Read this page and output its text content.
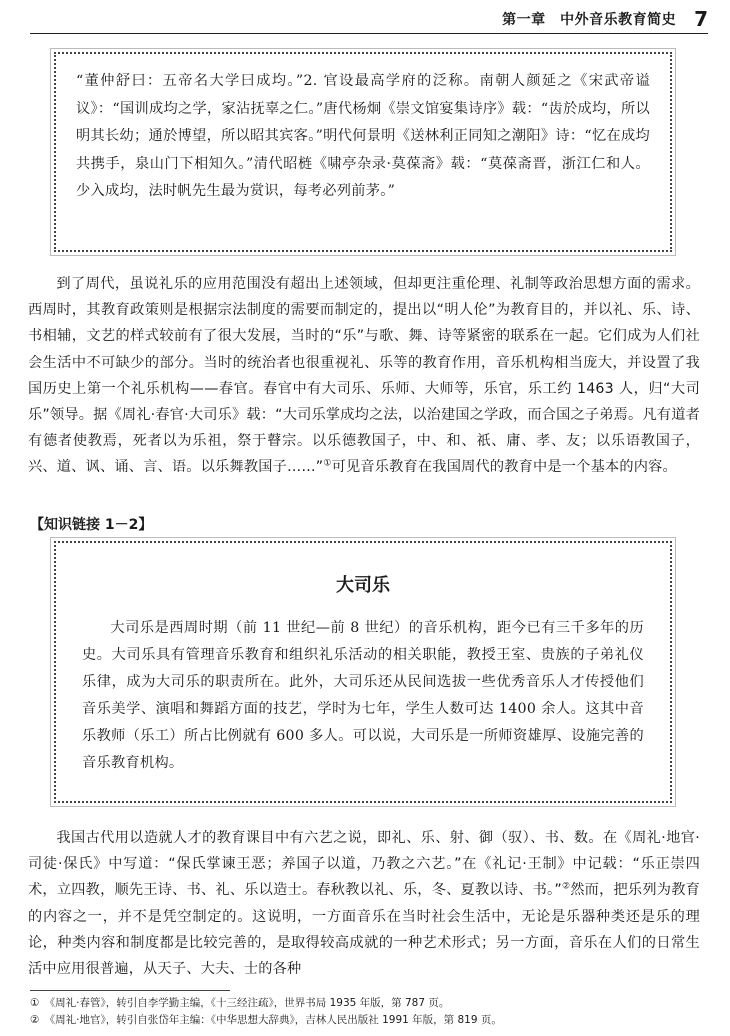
第一章　中外音乐教育简史 7

“董仲舒曰：五帝名大学曰成均。”2. 官设最高学府的泛称。南朝人颜延之《宋武帝谥议》：“国训成均之学，家沾抚辜之仁。”唐代杨炯《崇文馆宴集诗序》载：“齿於成均，所以明其长幼；通於博望，所以昭其宾客。”明代何景明《送林利正同知之潮阳》诗：“忆在成均共携手，泉山门下相知久。”清代昭梿《啸亭杂录·莫葆斋》载：“莫葆斋晋，浙江仁和人。少入成均，法时帆先生最为赏识，每考必列前茅。”

到了周代，虽说礼乐的应用范围没有超出上述领域，但却更注重伦理、礼制等政治思想方面的需求。西周时，其教育政策则是根据宗法制度的需要而制定的，提出以“明人伦”为教育目的，并以礼、乐、诗、书相辅，文艺的样式较前有了很大发展，当时的“乐”与歌、舞、诗等紧密的联系在一起。它们成为人们社会生活中不可缺少的部分。当时的统治者也很重视礼、乐等的教育作用，音乐机构相当庞大，并设置了我国历史上第一个礼乐机构——春官。春官中有大司乐、乐师、大师等，乐官，乐工约 1463 人，归“大司乐”领导。据《周礼·春官·大司乐》载：“大司乐掌成均之法，以治建国之学政，而合国之子弟焉。凡有道者有德者使教焉，死者以为乐祖，祭于瞽宗。以乐德教国子，中、和、祇、庸、孝、友；以乐语教国子，兴、道、讽、诵、言、语。以乐舞教国子……”①可见音乐教育在我国周代的教育中是一个基本的内容。

【知识链接 1－2】
大司乐

大司乐是西周时期（前 11 世纪—前 8 世纪）的音乐机构，距今已有三千多年的历史。大司乐具有管理音乐教育和组织礼乐活动的相关职能，教授王室、贵族的子弟礼仪乐律，成为大司乐的职责所在。此外，大司乐还从民间选拔一些优秀音乐人才传授他们音乐美学、演唱和舞蹈方面的技艺，学时为七年，学生人数可达 1400 余人。这其中音乐教师（乐工）所占比例就有 600 多人。可以说，大司乐是一所师资雄厚、设施完善的音乐教育机构。

我国古代用以造就人才的教育课目中有六艺之说，即礼、乐、射、御（驭）、书、数。在《周礼·地官·司徒·保氏》中写道：“保氏掌谏王恶；养国子以道，乃教之六艺。”在《礼记·王制》中记载：“乐正崇四术，立四教，顺先王诗、书、礼、乐以造士。春秋教以礼、乐，冬、夏教以诗、书。”②然而，把乐列为教育的内容之一，并不是凭空制定的。这说明，一方面音乐在当时社会生活中，无论是乐器种类还是乐的理论，种类内容和制度都是比较完善的，是取得较高成就的一种艺术形式；另一方面，音乐在人们的日常生活中应用很普遍，从天子、大夫、士的各种

①　《周礼·春管》，转引自李学勤主编，《十三经注疏》，世界书局 1935 年版，第 787 页。
②　《周礼·地官》，转引自张岱年主编：《中华思想大辞典》，吉林人民出版社 1991 年版，第 819 页。
